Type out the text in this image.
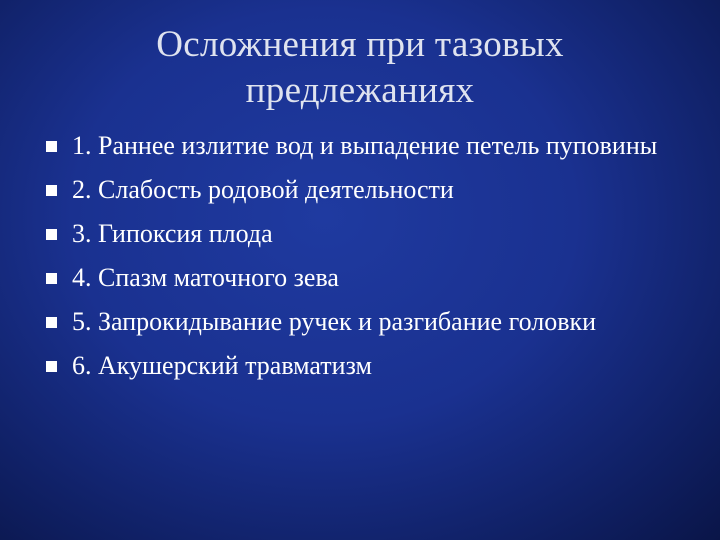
Осложнения при тазовых
предлежаниях
1. Раннее излитие вод и выпадение петель пуповины
2. Слабость родовой деятельности
3. Гипоксия плода
4. Спазм маточного зева
5. Запрокидывание ручек и разгибание головки
6. Акушерский травматизм
